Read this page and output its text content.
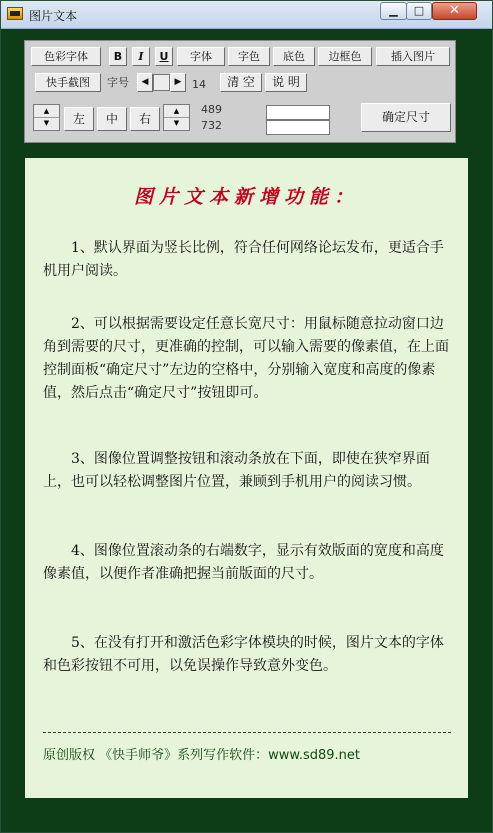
图片文本	▁	□	✕
色彩字体	B	I	U	字体	字色	底色	边框色	插入图片
快手截图	字号	◀	▶ 14	清 空	说 明
▲
▼	左	中	右
▲
▼
489
732
确定尺寸
图片文本新增功能：
1、默认界面为竖长比例，符合任何网络论坛发布，更适合手机用户阅读。
2、可以根据需要设定任意长宽尺寸：用鼠标随意拉动窗口边角到需要的尺寸，更准确的控制，可以输入需要的像素值，在上面控制面板“确定尺寸”左边的空格中，分别输入宽度和高度的像素值，然后点击“确定尺寸”按钮即可。
3、图像位置调整按钮和滚动条放在下面，即使在狭窄界面上，也可以轻松调整图片位置，兼顾到手机用户的阅读习惯。
4、图像位置滚动条的右端数字，显示有效版面的宽度和高度像素值，以便作者准确把握当前版面的尺寸。
5、在没有打开和激活色彩字体模块的时候，图片文本的字体和色彩按钮不可用，以免误操作导致意外变色。
原创版权 《快手师爷》系列写作软件：www.sd89.net
